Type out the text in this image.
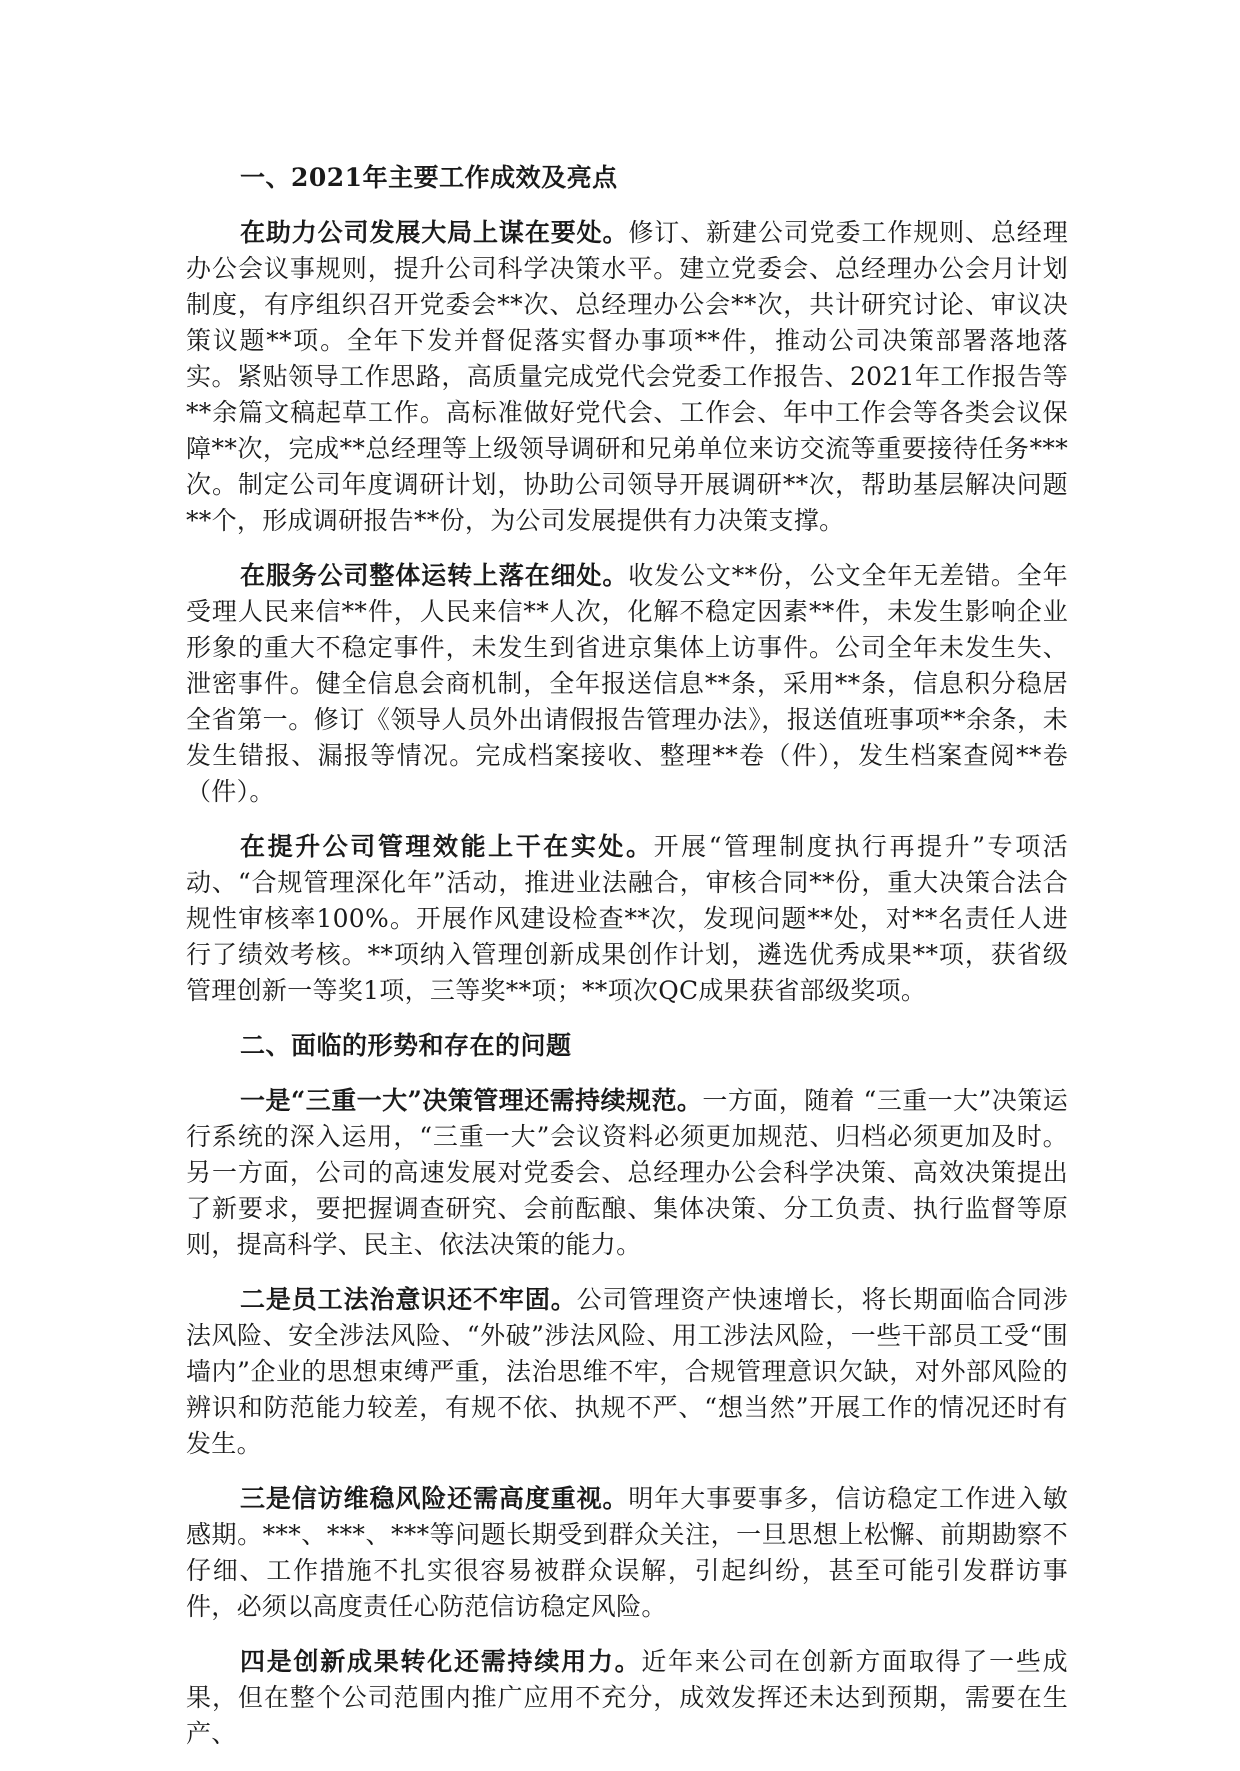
一、2021年主要工作成效及亮点

在助力公司发展大局上谋在要处。修订、新建公司党委工作规则、总经理办公会议事规则，提升公司科学决策水平。建立党委会、总经理办公会月计划制度，有序组织召开党委会**次、总经理办公会**次，共计研究讨论、审议决策议题**项。全年下发并督促落实督办事项**件，推动公司决策部署落地落实。紧贴领导工作思路，高质量完成党代会党委工作报告、2021年工作报告等**余篇文稿起草工作。高标准做好党代会、工作会、年中工作会等各类会议保障**次，完成**总经理等上级领导调研和兄弟单位来访交流等重要接待任务***次。制定公司年度调研计划，协助公司领导开展调研**次，帮助基层解决问题**个，形成调研报告**份，为公司发展提供有力决策支撑。

在服务公司整体运转上落在细处。收发公文**份，公文全年无差错。全年受理人民来信**件，人民来信**人次，化解不稳定因素**件，未发生影响企业形象的重大不稳定事件，未发生到省进京集体上访事件。公司全年未发生失、泄密事件。健全信息会商机制，全年报送信息**条，采用**条，信息积分稳居全省第一。修订《领导人员外出请假报告管理办法》，报送值班事项**余条，未发生错报、漏报等情况。完成档案接收、整理**卷（件），发生档案查阅**卷（件）。

在提升公司管理效能上干在实处。开展“管理制度执行再提升”专项活动、“合规管理深化年”活动，推进业法融合，审核合同**份，重大决策合法合规性审核率100%。开展作风建设检查**次，发现问题**处，对**名责任人进行了绩效考核。**项纳入管理创新成果创作计划，遴选优秀成果**项，获省级管理创新一等奖1项，三等奖**项；**项次QC成果获省部级奖项。

二、面临的形势和存在的问题

一是“三重一大”决策管理还需持续规范。一方面，随着 “三重一大”决策运行系统的深入运用，“三重一大”会议资料必须更加规范、归档必须更加及时。另一方面，公司的高速发展对党委会、总经理办公会科学决策、高效决策提出了新要求，要把握调查研究、会前酝酿、集体决策、分工负责、执行监督等原则，提高科学、民主、依法决策的能力。

二是员工法治意识还不牢固。公司管理资产快速增长，将长期面临合同涉法风险、安全涉法风险、“外破”涉法风险、用工涉法风险，一些干部员工受“围墙内”企业的思想束缚严重，法治思维不牢，合规管理意识欠缺，对外部风险的辨识和防范能力较差，有规不依、执规不严、“想当然”开展工作的情况还时有发生。

三是信访维稳风险还需高度重视。明年大事要事多，信访稳定工作进入敏感期。***、***、***等问题长期受到群众关注，一旦思想上松懈、前期勘察不仔细、工作措施不扎实很容易被群众误解，引起纠纷，甚至可能引发群访事件，必须以高度责任心防范信访稳定风险。

四是创新成果转化还需持续用力。近年来公司在创新方面取得了一些成果，但在整个公司范围内推广应用不充分，成效发挥还未达到预期，需要在生产、
